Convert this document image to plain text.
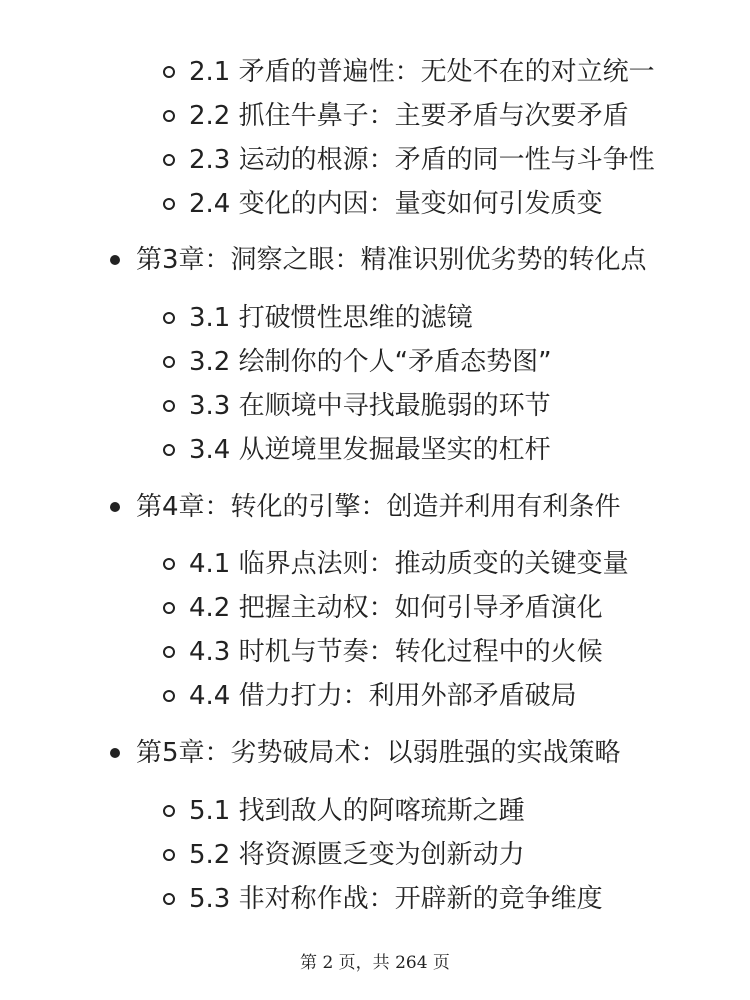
2.1 矛盾的普遍性：无处不在的对立统一
2.2 抓住牛鼻子：主要矛盾与次要矛盾
2.3 运动的根源：矛盾的同一性与斗争性
2.4 变化的内因：量变如何引发质变
第3章：洞察之眼：精准识别优劣势的转化点
3.1 打破惯性思维的滤镜
3.2 绘制你的个人“矛盾态势图”
3.3 在顺境中寻找最脆弱的环节
3.4 从逆境里发掘最坚实的杠杆
第4章：转化的引擎：创造并利用有利条件
4.1 临界点法则：推动质变的关键变量
4.2 把握主动权：如何引导矛盾演化
4.3 时机与节奏：转化过程中的火候
4.4 借力打力：利用外部矛盾破局
第5章：劣势破局术：以弱胜强的实战策略
5.1 找到敌人的阿喀琉斯之踵
5.2 将资源匮乏变为创新动力
5.3 非对称作战：开辟新的竞争维度
第 2 页，共 264 页
